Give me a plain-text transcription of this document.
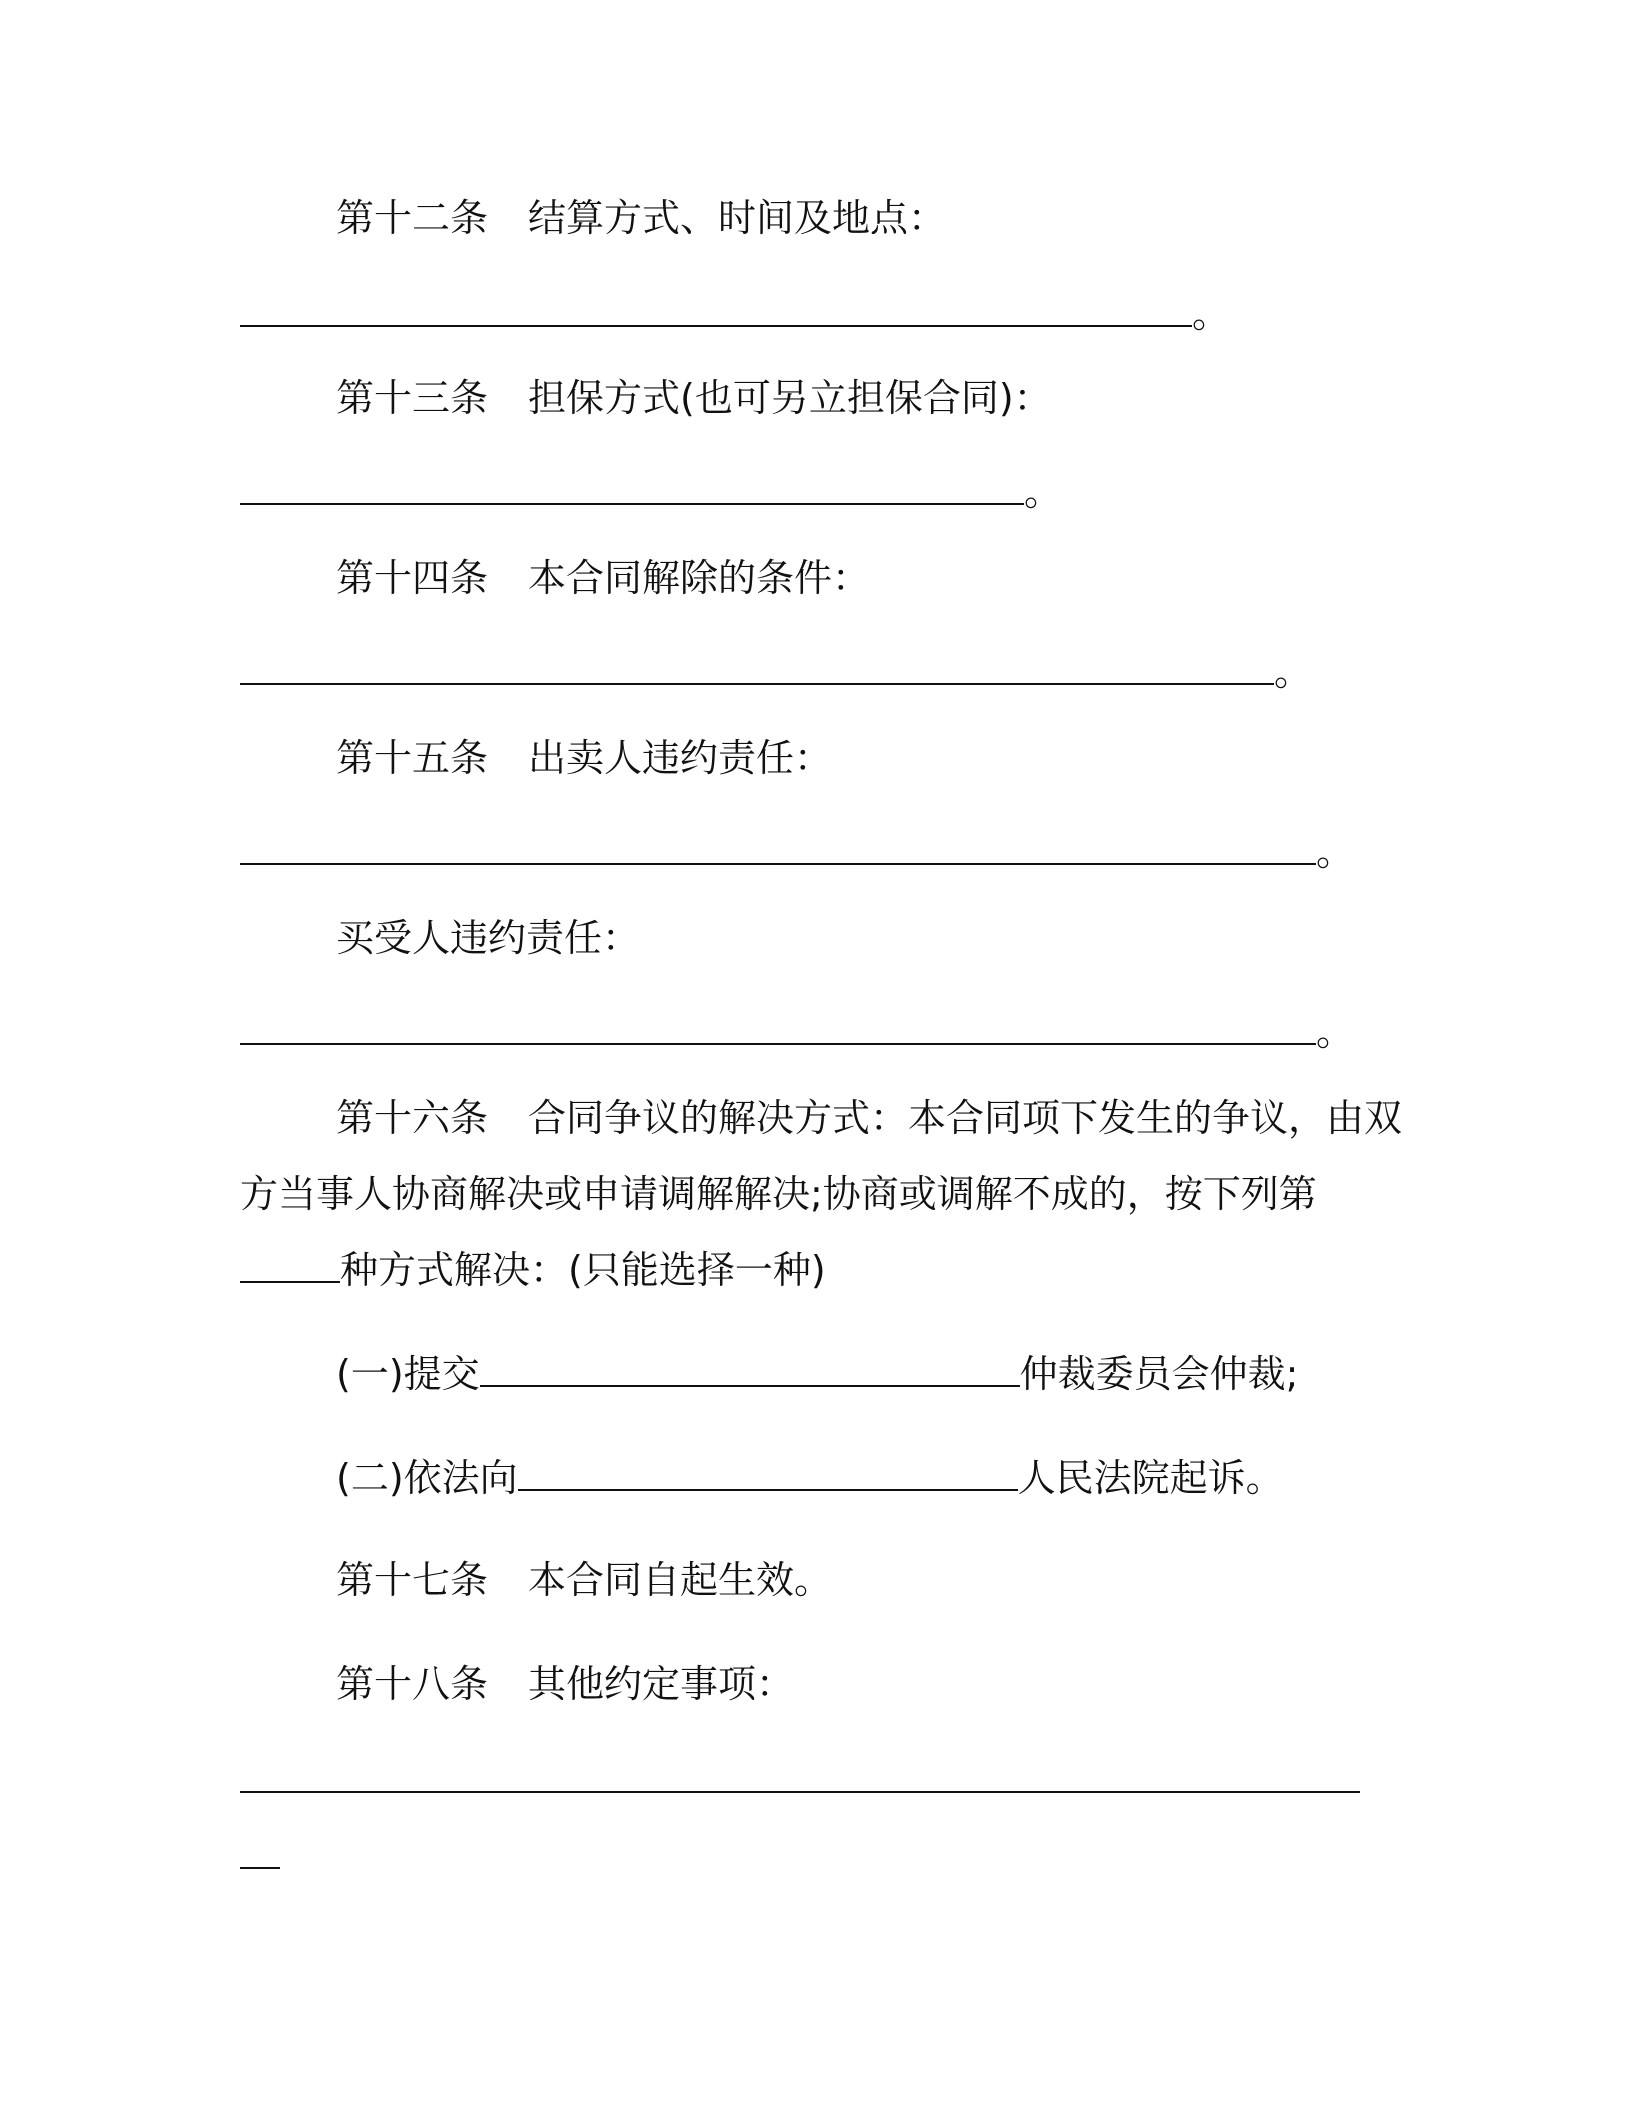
第十二条 结算方式、时间及地点：

。

第十三条 担保方式(也可另立担保合同)：

。

第十四条 本合同解除的条件：

。

第十五条 出卖人违约责任：

。

买受人违约责任：

。

第十六条 合同争议的解决方式：本合同项下发生的争议，由双

方当事人协商解决或申请调解解决;协商或调解不成的，按下列第

种方式解决：(只能选择一种)

(一)提交	仲裁委员会仲裁;

(二)依法向	人民法院起诉。

第十七条 本合同自起生效。

第十八条 其他约定事项：
